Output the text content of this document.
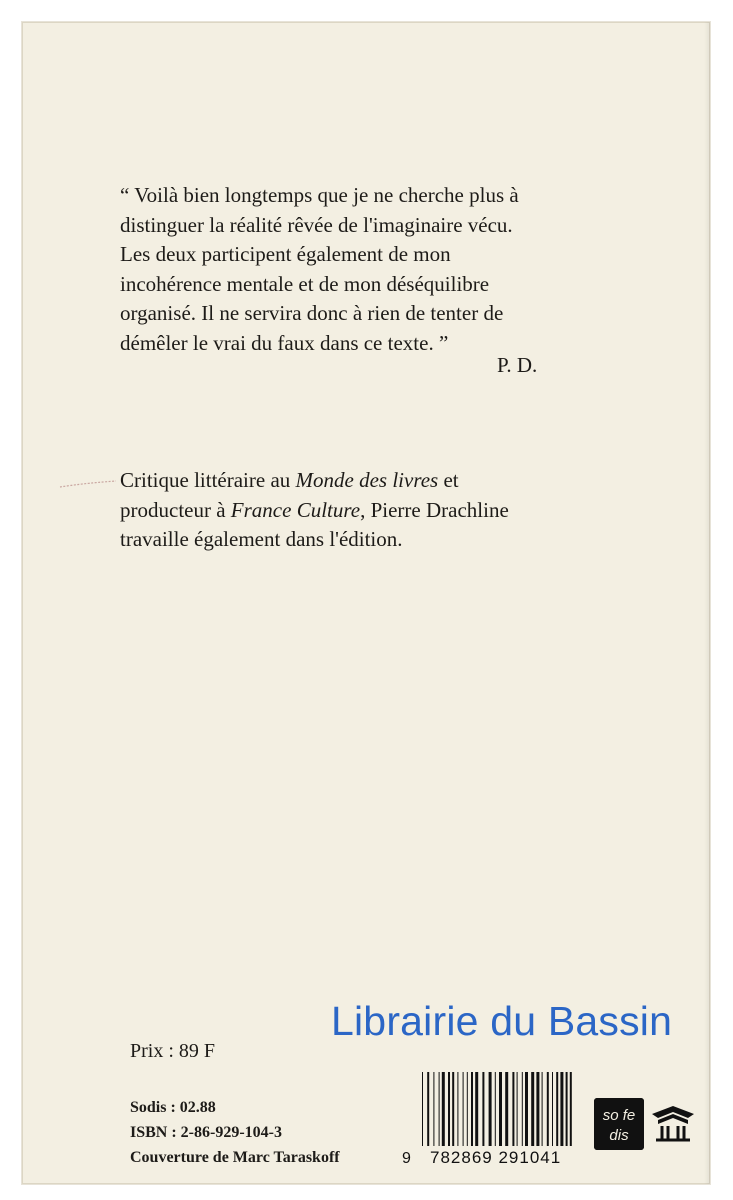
“ Voilà bien longtemps que je ne cherche plus à
distinguer la réalité rêvée de l'imaginaire vécu.
Les deux participent également de mon
incohérence mentale et de mon déséquilibre
organisé. Il ne servira donc à rien de tenter de
démêler le vrai du faux dans ce texte. ”
P. D.
Critique littéraire au Monde des livres et
producteur à France Culture, Pierre Drachline
travaille également dans l'édition.
Librairie du Bassin
Prix : 89 F
Sodis : 02.88
ISBN : 2-86-929-104-3
Couverture de Marc Taraskoff	9 782869 291041
so fe
dis
